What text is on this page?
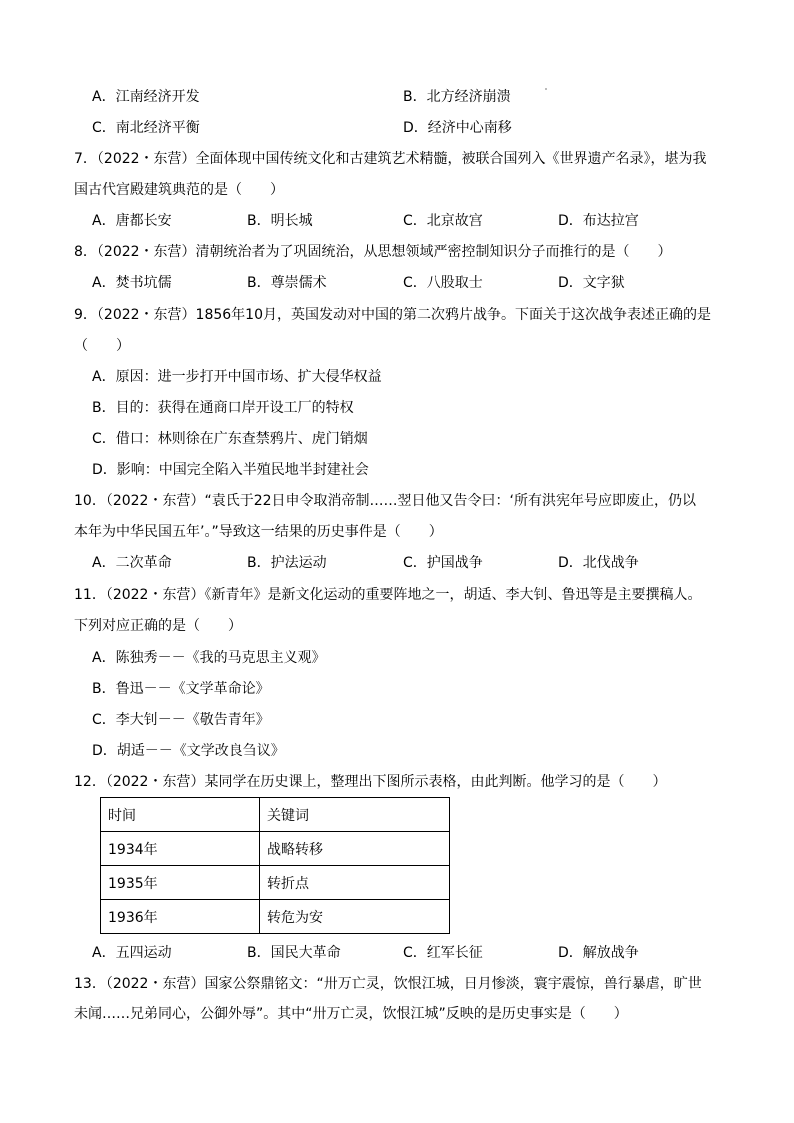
A．江南经济开发	B．北方经济崩溃
C．南北经济平衡	D．经济中心南移
7．（2022・东营）全面体现中国传统文化和古建筑艺术精髓，被联合国列入《世界遗产名录》，堪为我
国古代宫殿建筑典范的是（　　）
A．唐都长安	B．明长城	C．北京故宫	D．布达拉宫
8．（2022・东营）清朝统治者为了巩固统治，从思想领域严密控制知识分子而推行的是（　　）
A．焚书坑儒	B．尊崇儒术	C．八股取士	D．文字狱
9．（2022・东营）1856年10月，英国发动对中国的第二次鸦片战争。下面关于这次战争表述正确的是
（　　）
A．原因：进一步打开中国市场、扩大侵华权益
B．目的：获得在通商口岸开设工厂的特权
C．借口：林则徐在广东查禁鸦片、虎门销烟
D．影响：中国完全陷入半殖民地半封建社会
10．（2022・东营）“袁氏于22日申令取消帝制……翌日他又告令曰：‘所有洪宪年号应即废止，仍以
本年为中华民国五年’。”导致这一结果的历史事件是（　　）
A．二次革命	B．护法运动	C．护国战争	D．北伐战争
11．（2022・东营）《新青年》是新文化运动的重要阵地之一，胡适、李大钊、鲁迅等是主要撰稿人。
下列对应正确的是（　　）
A．陈独秀－－《我的马克思主义观》
B．鲁迅－－《文学革命论》
C．李大钊－－《敬告青年》
D．胡适－－《文学改良刍议》
12．（2022・东营）某同学在历史课上，整理出下图所示表格，由此判断。他学习的是（　　）
时间	关键词
1934年	战略转移
1935年	转折点
1936年	转危为安
A．五四运动	B．国民大革命	C．红军长征	D．解放战争
13．（2022・东营）国家公祭鼎铭文：“卅万亡灵，饮恨江城，日月惨淡，寰宇震惊，兽行暴虐，旷世
未闻……兄弟同心，公御外辱”。其中“卅万亡灵，饮恨江城”反映的是历史事实是（　　）
